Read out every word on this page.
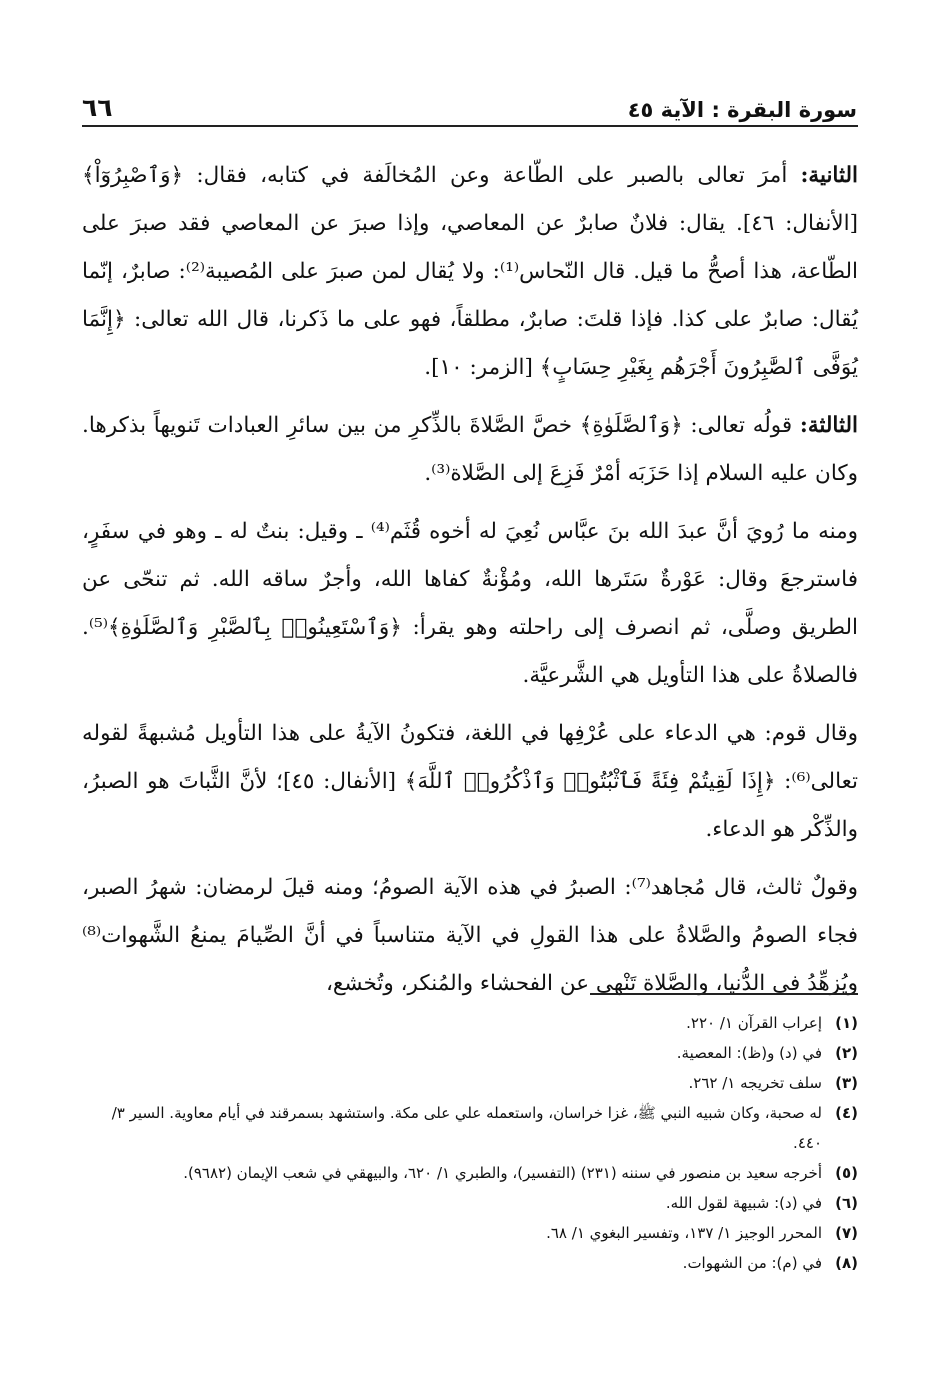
سورة البقرة : الآية ٤٥
٦٦

الثانية: أمرَ تعالى بالصبر على الطّاعة وعن المُخالَفة في كتابه، فقال: ﴿وَٱصْبِرُوٓاْ﴾ [الأنفال: ٤٦]. يقال: فلانٌ صابرٌ عن المعاصي، وإذا صبرَ عن المعاصي فقد صبرَ على الطّاعة، هذا أصحُّ ما قيل. قال النّحاس⁽¹⁾: ولا يُقال لمن صبرَ على المُصيبة⁽²⁾: صابرٌ، إنّما يُقال: صابرٌ على كذا. فإذا قلتَ: صابرٌ، مطلقاً، فهو على ما ذَكرنا، قال الله تعالى: ﴿إِنَّمَا يُوَفَّى ٱلصَّٰبِرُونَ أَجْرَهُم بِغَيْرِ حِسَابٍ﴾ [الزمر: ١٠].

الثالثة: قولُه تعالى: ﴿وَٱلصَّلَوٰةِ﴾ خصَّ الصَّلاةَ بالذِّكرِ من بين سائرِ العبادات تَنويهاً بذكرها. وكان عليه السلام إذا حَزَبَه أمْرٌ فَزِعَ إلى الصَّلاة⁽³⁾.

ومنه ما رُويَ أنَّ عبدَ الله بنَ عبَّاس نُعِيَ له أخوه قُثَم⁽⁴⁾ ـ وقيل: بنتٌ له ـ وهو في سفَرٍ، فاسترجعَ وقال: عَوْرةٌ سَتَرها الله، ومُؤْنةٌ كفاها الله، وأجرٌ ساقه الله. ثم تنحّى عن الطريق وصلَّى، ثم انصرف إلى راحلته وهو يقرأ: ﴿وَٱسْتَعِينُوا۟ بِٱلصَّبْرِ وَٱلصَّلَوٰةِ﴾⁽⁵⁾. فالصلاةُ على هذا التأويل هي الشَّرعيَّة.

وقال قوم: هي الدعاء على عُرْفِها في اللغة، فتكونُ الآيةُ على هذا التأويل مُشبهةً لقوله تعالى⁽⁶⁾: ﴿إِذَا لَقِيتُمْ فِئَةً فَٱثْبُتُوا۟ وَٱذْكُرُوا۟ ٱللَّهَ﴾ [الأنفال: ٤٥]؛ لأنَّ الثَّباتَ هو الصبرُ، والذِّكْر هو الدعاء.

وقولٌ ثالث، قال مُجاهد⁽⁷⁾: الصبرُ في هذه الآية الصومُ؛ ومنه قيلَ لرمضان: شهرُ الصبر، فجاء الصومُ والصَّلاةُ على هذا القولِ في الآية متناسباً في أنَّ الصِّيامَ يمنعُ الشَّهوات⁽⁸⁾ ويُزهِّدُ في الدُّنيا، والصَّلاة تَنْهى عن الفحشاء والمُنكر، وتُخشع،

(١)
إعراب القرآن ١/ ٢٢٠.
(٢)
في (د) و(ظ): المعصية.
(٣)
سلف تخريجه ١/ ٢٦٢.
(٤)
له صحبة، وكان شبيه النبي ﷺ، غزا خراسان، واستعمله علي على مكة. واستشهد بسمرقند في أيام معاوية. السير ٣/ ٤٤٠.
(٥)
أخرجه سعيد بن منصور في سننه (٢٣١) (التفسير)، والطبري ١/ ٦٢٠، والبيهقي في شعب الإيمان (٩٦٨٢).
(٦)
في (د): شبيهة لقول الله.
(٧)
المحرر الوجيز ١/ ١٣٧، وتفسير البغوي ١/ ٦٨.
(٨)
في (م): من الشهوات.
